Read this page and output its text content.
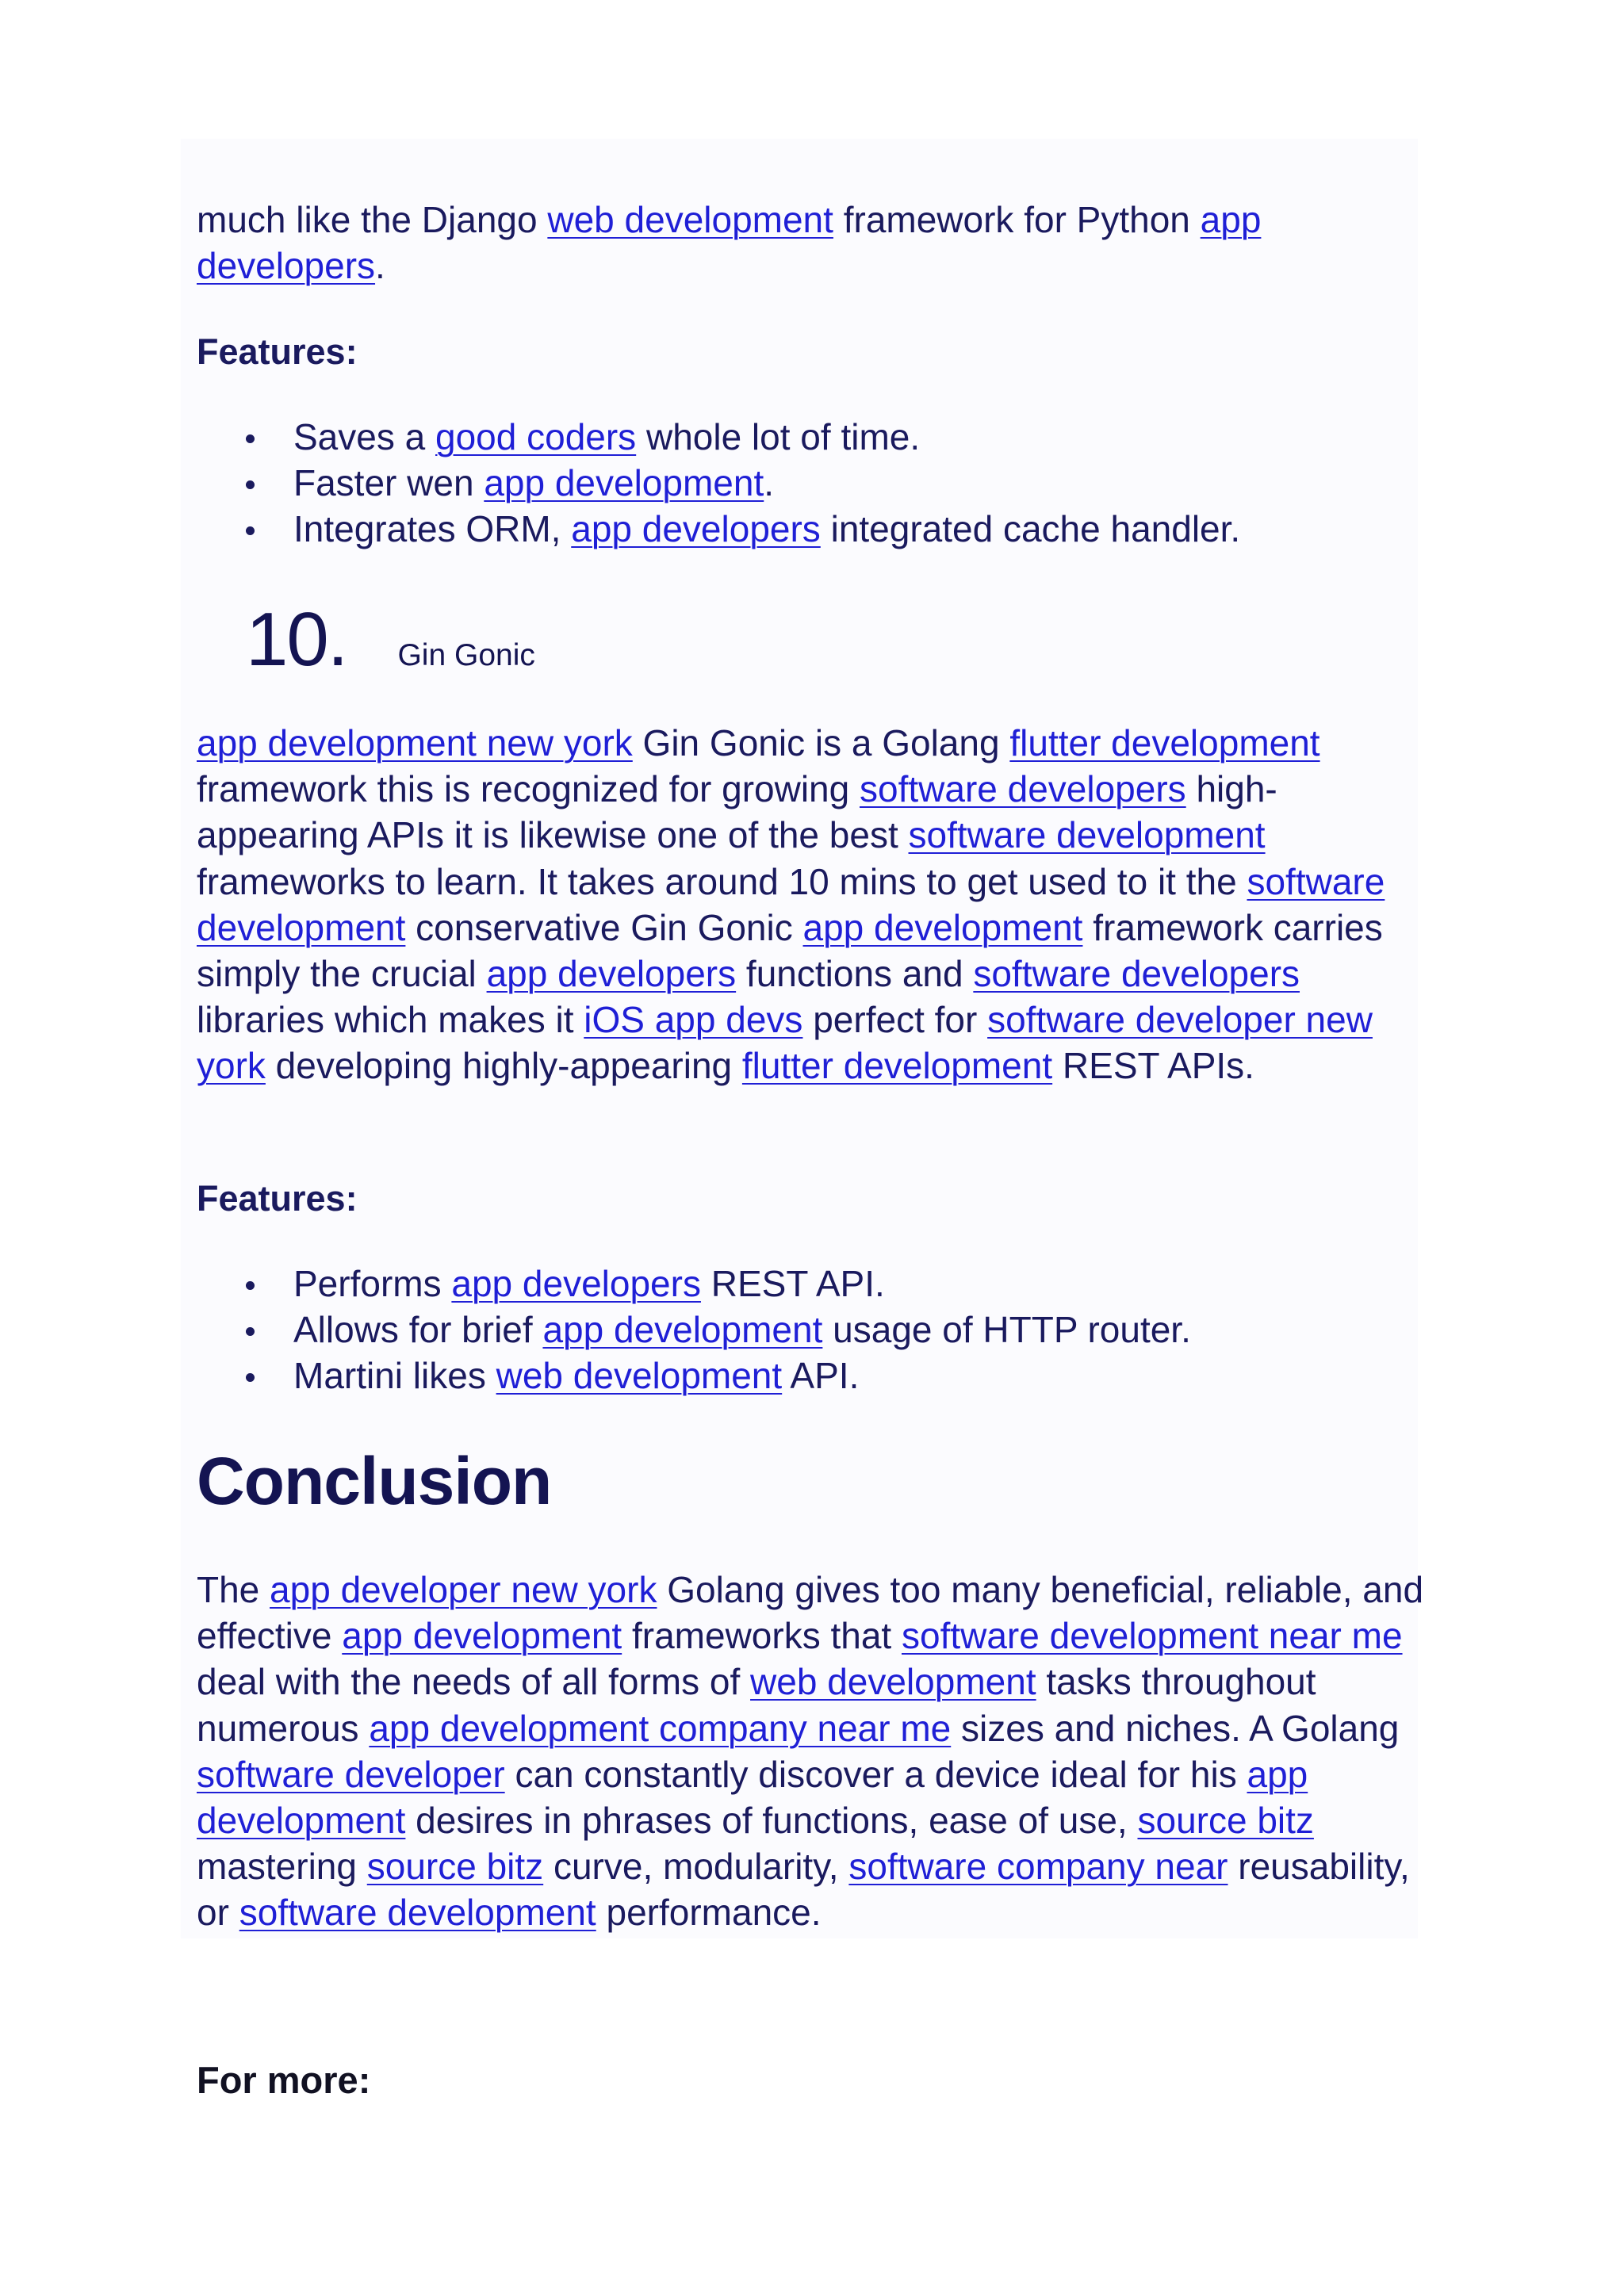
much like the Django web development framework for Python app developers.

Features:

Saves a good coders whole lot of time.
Faster wen app development.
Integrates ORM, app developers integrated cache handler.
10. Gin Gonic

app development new york Gin Gonic is a Golang flutter development framework this is recognized for growing software developers high-appearing APIs it is likewise one of the best software development frameworks to learn. It takes around 10 mins to get used to it the software development conservative Gin Gonic app development framework carries simply the crucial app developers functions and software developers libraries which makes it iOS app devs perfect for software developer new york developing highly-appearing flutter development REST APIs.

Features:

Performs app developers REST API.
Allows for brief app development usage of HTTP router.
Martini likes web development API.
Conclusion

The app developer new york Golang gives too many beneficial, reliable, and effective app development frameworks that software development near me deal with the needs of all forms of web development tasks throughout numerous app development company near me sizes and niches. A Golang software developer can constantly discover a device ideal for his app development desires in phrases of functions, ease of use, source bitz mastering source bitz curve, modularity, software company near reusability, or software development performance.

For more:
